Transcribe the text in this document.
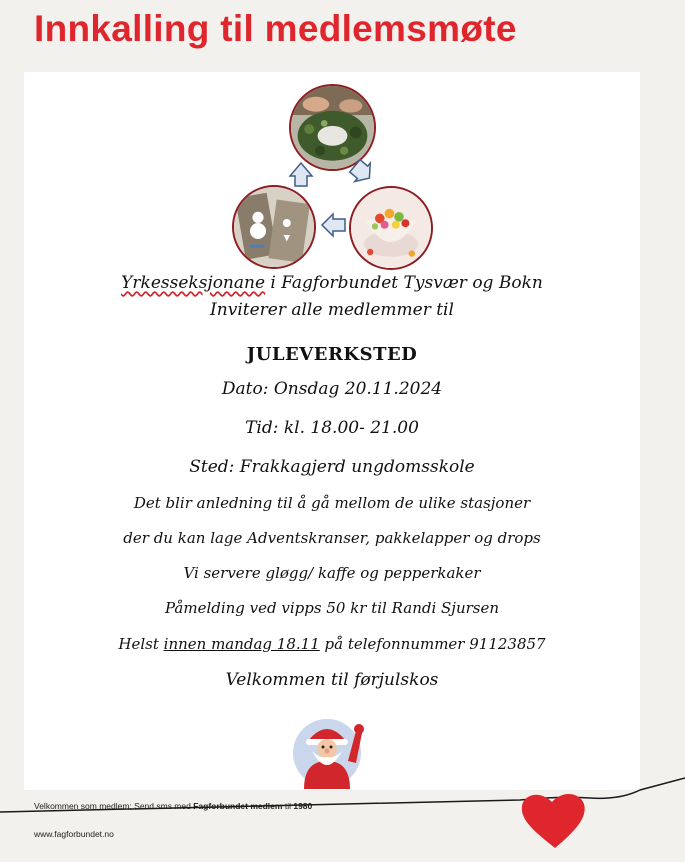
Innkalling til medlemsmøte

Yrkesseksjonane i Fagforbundet Tysvær og Bokn

Inviterer alle medlemmer til

JULEVERKSTED

Dato: Onsdag 20.11.2024

Tid: kl. 18.00- 21.00

Sted: Frakkagjerd ungdomsskole

Det blir anledning til å gå mellom de ulike stasjoner

der du kan lage Adventskranser, pakkelapper og drops

Vi servere gløgg/ kaffe og pepperkaker

Påmelding ved vipps 50 kr til Randi Sjursen

Helst innen mandag 18.11 på telefonnummer 91123857

Velkommen til førjulskos

Velkommen som medlem: Send sms med Fagforbundet medlem til 1980

www.fagforbundet.no
